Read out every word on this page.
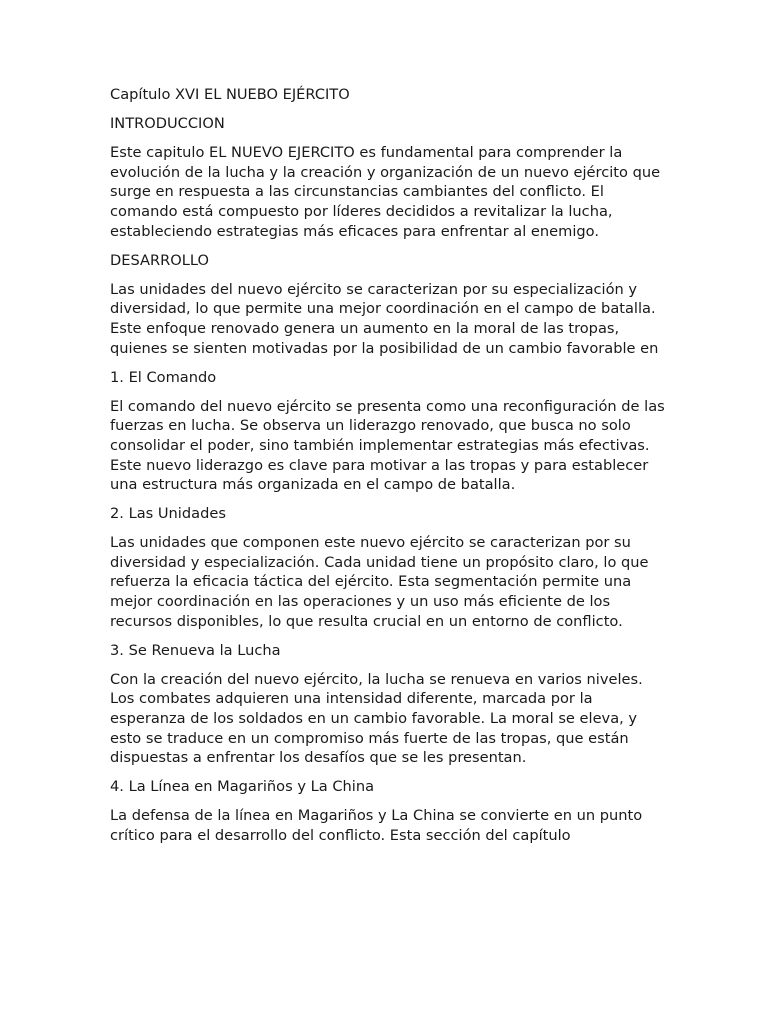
Capítulo XVI EL NUEBO EJÉRCITO

INTRODUCCION

Este capitulo EL NUEVO EJERCITO es fundamental para comprender la evolución de la lucha y la creación y organización de un nuevo ejército que surge en respuesta a las circunstancias cambiantes del conflicto. El comando está compuesto por líderes decididos a revitalizar la lucha, estableciendo estrategias más eficaces para enfrentar al enemigo.

DESARROLLO

Las unidades del nuevo ejército se caracterizan por su especialización y diversidad, lo que permite una mejor coordinación en el campo de batalla. Este enfoque renovado genera un aumento en la moral de las tropas, quienes se sienten motivadas por la posibilidad de un cambio favorable en

1. El Comando

El comando del nuevo ejército se presenta como una reconfiguración de las fuerzas en lucha. Se observa un liderazgo renovado, que busca no solo consolidar el poder, sino también implementar estrategias más efectivas. Este nuevo liderazgo es clave para motivar a las tropas y para establecer una estructura más organizada en el campo de batalla.

2. Las Unidades

Las unidades que componen este nuevo ejército se caracterizan por su diversidad y especialización. Cada unidad tiene un propósito claro, lo que refuerza la eficacia táctica del ejército. Esta segmentación permite una mejor coordinación en las operaciones y un uso más eficiente de los recursos disponibles, lo que resulta crucial en un entorno de conflicto.

3. Se Renueva la Lucha

Con la creación del nuevo ejército, la lucha se renueva en varios niveles. Los combates adquieren una intensidad diferente, marcada por la esperanza de los soldados en un cambio favorable. La moral se eleva, y esto se traduce en un compromiso más fuerte de las tropas, que están dispuestas a enfrentar los desafíos que se les presentan.

4. La Línea en Magariños y La China

La defensa de la línea en Magariños y La China se convierte en un punto crítico para el desarrollo del conflicto. Esta sección del capítulo
